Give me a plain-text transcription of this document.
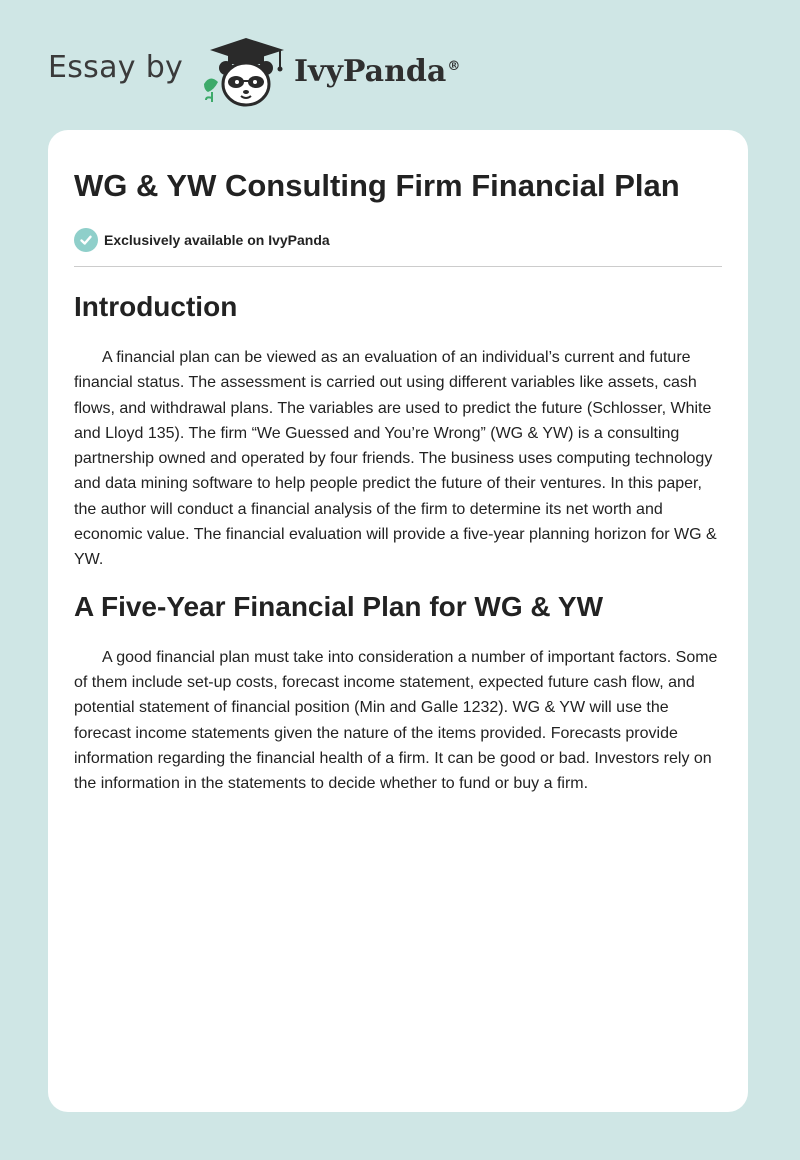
Essay by	IvyPanda®
WG & YW Consulting Firm Financial Plan
Exclusively available on IvyPanda
Introduction

A financial plan can be viewed as an evaluation of an individual’s current and future financial status. The assessment is carried out using different variables like assets, cash flows, and withdrawal plans. The variables are used to predict the future (Schlosser, White and Lloyd 135). The firm “We Guessed and You’re Wrong” (WG & YW) is a consulting partnership owned and operated by four friends. The business uses computing technology and data mining software to help people predict the future of their ventures. In this paper, the author will conduct a financial analysis of the firm to determine its net worth and economic value. The financial evaluation will provide a five-year planning horizon for WG & YW.

A Five-Year Financial Plan for WG & YW

A good financial plan must take into consideration a number of important factors. Some of them include set-up costs, forecast income statement, expected future cash flow, and potential statement of financial position (Min and Galle 1232). WG & YW will use the forecast income statements given the nature of the items provided. Forecasts provide information regarding the financial health of a firm. It can be good or bad. Investors rely on the information in the statements to decide whether to fund or buy a firm.
